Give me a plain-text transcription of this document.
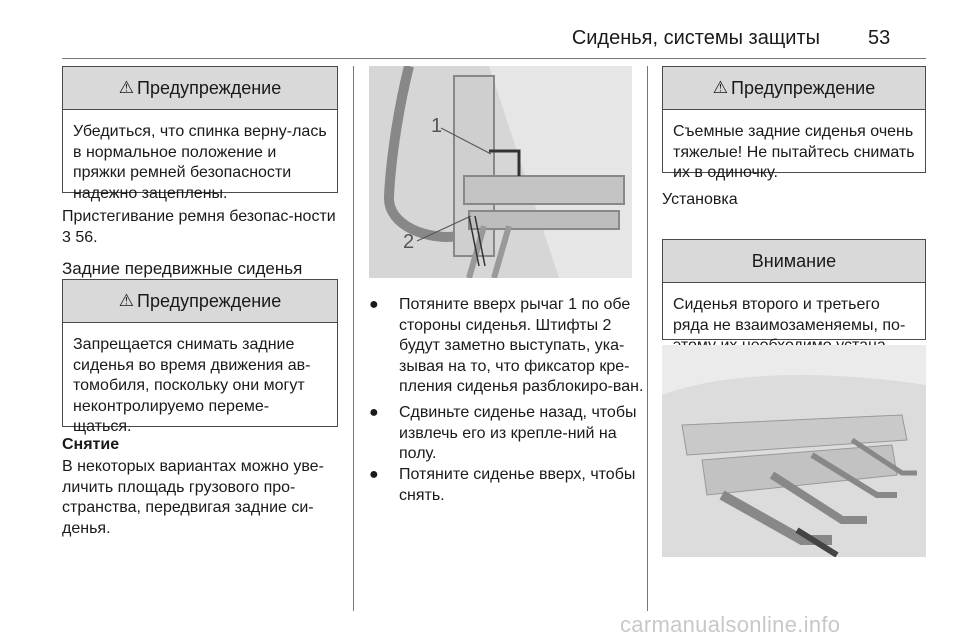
Сиденья, системы защиты 53
⚠ Предупреждение
Убедиться, что спинка верну-лась в нормальное положение и пряжки ремней безопасности надежно зацеплены.
Пристегивание ремня безопас-ности 3 56.
Задние передвижные сиденья
⚠ Предупреждение
Запрещается снимать задние сиденья во время движения ав-томобиля, поскольку они могут неконтролируемо переме-щаться.
Снятие
В некоторых вариантах можно уве-личить площадь грузового про-странства, передвигая задние си-денья.
1
2
● Потяните вверх рычаг 1 по обе стороны сиденья. Штифты 2 будут заметно выступать, ука-зывая на то, что фиксатор кре-пления сиденья разблокиро-ван.
● Сдвиньте сиденье назад, чтобы извлечь его из крепле-ний на полу.
● Потяните сиденье вверх, чтобы снять.
⚠ Предупреждение
Съемные задние сиденья очень тяжелые! Не пытайтесь снимать их в одиночку.
Установка
Внимание
Сиденья второго и третьего ряда не взаимозаменяемы, по-
carmanualsonline.info
